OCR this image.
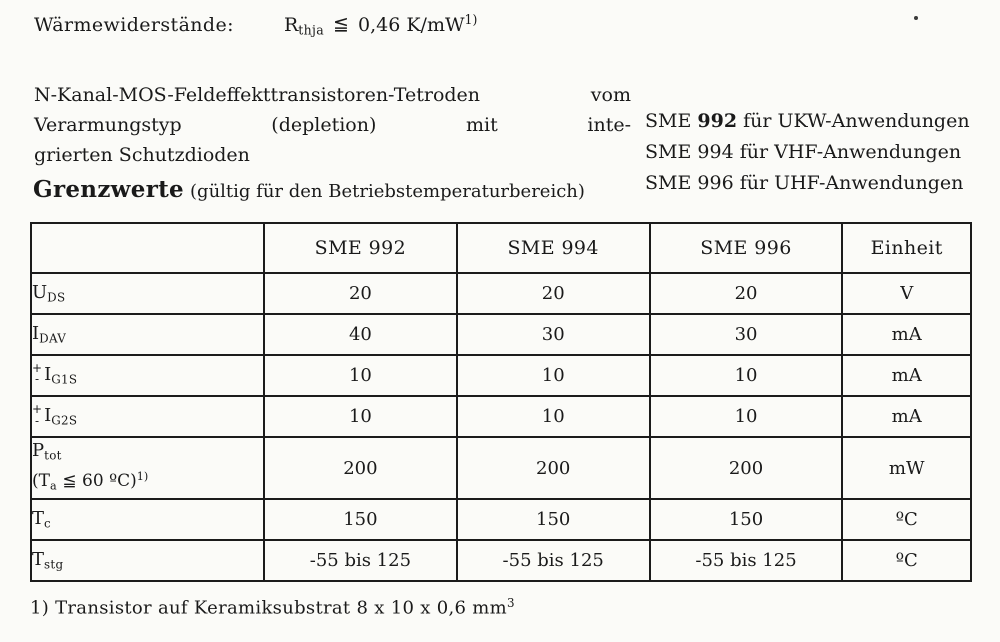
Wärmewiderstände:	$R_{thja}$ ≦ 0,46 $K/mW^{1)}$
N-Kanal-MOS-Feldeffekttransistoren-Tetroden vom Verarmungstyp (depletion) mit inte-
grierten Schutzdioden
SME 992 für UKW-Anwendungen
SME 994 für VHF-Anwendungen
SME 996 für UHF-Anwendungen
Grenzwerte (gültig für den Betriebstemperaturbereich)
	SME 992	SME 994	SME 996	Einheit
$U_{DS}$	20	20	20	V
$I_{DAV}$	40	30	30	mA

+
- $I_{G1S}$	10	10	10	mA

+
- $I_{G2S}$	10	10	10	mA

$P_{tot}$
($T_a$ ≦ 60 ºC)$^{1)}$	200	200	200	mW
$T_c$	150	150	150	ºC
$T_{stg}$	-55 bis 125	-55 bis 125	-55 bis 125	ºC
1) Transistor auf Keramiksubstrat 8 x 10 x 0,6 $mm^3$
